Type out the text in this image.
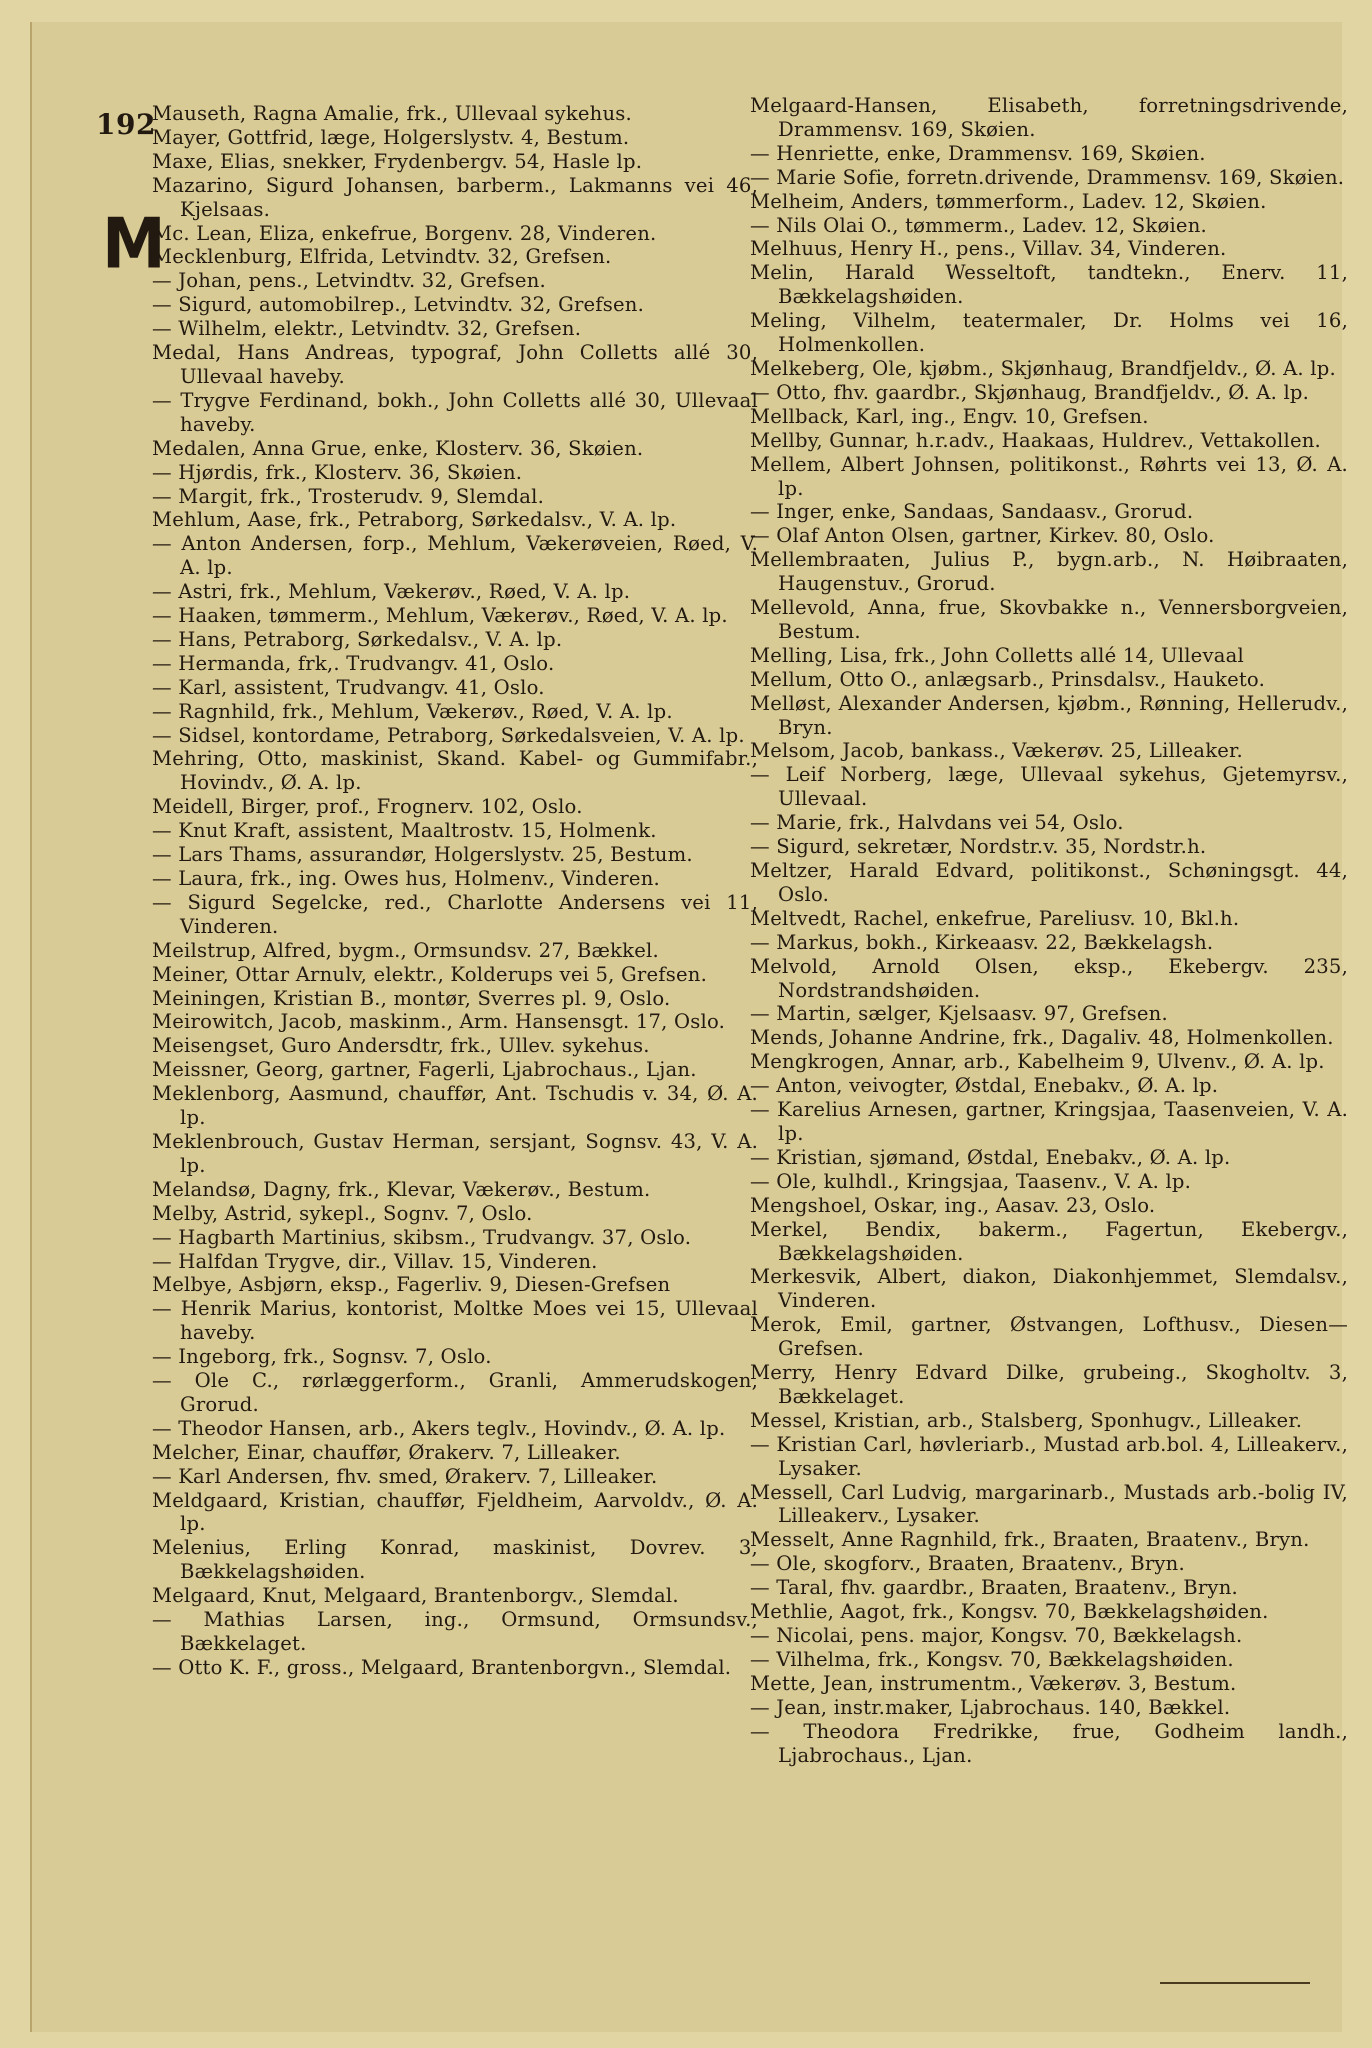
192
M

Mauseth, Ragna Amalie, frk., Ullevaal sykehus.

Mayer, Gottfrid, læge, Holgerslystv. 4, Bestum.

Maxe, Elias, snekker, Frydenbergv. 54, Hasle lp.

Mazarino, Sigurd Johansen, barberm., Lakmanns vei 46, Kjelsaas.

Mc. Lean, Eliza, enkefrue, Borgenv. 28, Vinderen.

Mecklenburg, Elfrida, Letvindtv. 32, Grefsen.

— Johan, pens., Letvindtv. 32, Grefsen.

— Sigurd, automobilrep., Letvindtv. 32, Grefsen.

— Wilhelm, elektr., Letvindtv. 32, Grefsen.

Medal, Hans Andreas, typograf, John Colletts allé 30, Ullevaal haveby.

— Trygve Ferdinand, bokh., John Colletts allé 30, Ullevaal haveby.

Medalen, Anna Grue, enke, Klosterv. 36, Skøien.

— Hjørdis, frk., Klosterv. 36, Skøien.

— Margit, frk., Trosterudv. 9, Slemdal.

Mehlum, Aase, frk., Petraborg, Sørkedalsv., V. A. lp.

— Anton Andersen, forp., Mehlum, Vækerøveien, Røed, V. A. lp.

— Astri, frk., Mehlum, Vækerøv., Røed, V. A. lp.

— Haaken, tømmerm., Mehlum, Vækerøv., Røed, V. A. lp.

— Hans, Petraborg, Sørkedalsv., V. A. lp.

— Hermanda, frk,. Trudvangv. 41, Oslo.

— Karl, assistent, Trudvangv. 41, Oslo.

— Ragnhild, frk., Mehlum, Vækerøv., Røed, V. A. lp.

— Sidsel, kontordame, Petraborg, Sørkedalsveien, V. A. lp.

Mehring, Otto, maskinist, Skand. Kabel- og Gummifabr., Hovindv., Ø. A. lp.

Meidell, Birger, prof., Frognerv. 102, Oslo.

— Knut Kraft, assistent, Maaltrostv. 15, Holmenk.

— Lars Thams, assurandør, Holgerslystv. 25, Bestum.

— Laura, frk., ing. Owes hus, Holmenv., Vinderen.

— Sigurd Segelcke, red., Charlotte Andersens vei 11, Vinderen.

Meilstrup, Alfred, bygm., Ormsundsv. 27, Bækkel.

Meiner, Ottar Arnulv, elektr., Kolderups vei 5, Grefsen.

Meiningen, Kristian B., montør, Sverres pl. 9, Oslo.

Meirowitch, Jacob, maskinm., Arm. Hansensgt. 17, Oslo.

Meisengset, Guro Andersdtr, frk., Ullev. sykehus.

Meissner, Georg, gartner, Fagerli, Ljabrochaus., Ljan.

Meklenborg, Aasmund, chauffør, Ant. Tschudis v. 34, Ø. A. lp.

Meklenbrouch, Gustav Herman, sersjant, Sognsv. 43, V. A. lp.

Melandsø, Dagny, frk., Klevar, Vækerøv., Bestum.

Melby, Astrid, sykepl., Sognv. 7, Oslo.

— Hagbarth Martinius, skibsm., Trudvangv. 37, Oslo.

— Halfdan Trygve, dir., Villav. 15, Vinderen.

Melbye, Asbjørn, eksp., Fagerliv. 9, Diesen-Grefsen

— Henrik Marius, kontorist, Moltke Moes vei 15, Ullevaal haveby.

— Ingeborg, frk., Sognsv. 7, Oslo.

— Ole C., rørlæggerform., Granli, Ammerudskogen, Grorud.

— Theodor Hansen, arb., Akers teglv., Hovindv., Ø. A. lp.

Melcher, Einar, chauffør, Ørakerv. 7, Lilleaker.

— Karl Andersen, fhv. smed, Ørakerv. 7, Lilleaker.

Meldgaard, Kristian, chauffør, Fjeldheim, Aarvoldv., Ø. A. lp.

Melenius, Erling Konrad, maskinist, Dovrev. 3, Bækkelagshøiden.

Melgaard, Knut, Melgaard, Brantenborgv., Slemdal.

— Mathias Larsen, ing., Ormsund, Ormsundsv., Bækkelaget.

— Otto K. F., gross., Melgaard, Brantenborgvn., Slemdal.

Melgaard-Hansen, Elisabeth, forretningsdrivende, Drammensv. 169, Skøien.

— Henriette, enke, Drammensv. 169, Skøien.

— Marie Sofie, forretn.drivende, Drammensv. 169, Skøien.

Melheim, Anders, tømmerform., Ladev. 12, Skøien.

— Nils Olai O., tømmerm., Ladev. 12, Skøien.

Melhuus, Henry H., pens., Villav. 34, Vinderen.

Melin, Harald Wesseltoft, tandtekn., Enerv. 11, Bækkelagshøiden.

Meling, Vilhelm, teatermaler, Dr. Holms vei 16, Holmenkollen.

Melkeberg, Ole, kjøbm., Skjønhaug, Brandfjeldv., Ø. A. lp.

— Otto, fhv. gaardbr., Skjønhaug, Brandfjeldv., Ø. A. lp.

Mellback, Karl, ing., Engv. 10, Grefsen.

Mellby, Gunnar, h.r.adv., Haakaas, Huldrev., Vettakollen.

Mellem, Albert Johnsen, politikonst., Røhrts vei 13, Ø. A. lp.

— Inger, enke, Sandaas, Sandaasv., Grorud.

— Olaf Anton Olsen, gartner, Kirkev. 80, Oslo.

Mellembraaten, Julius P., bygn.arb., N. Høibraaten, Haugenstuv., Grorud.

Mellevold, Anna, frue, Skovbakke n., Vennersborgveien, Bestum.

Melling, Lisa, frk., John Colletts allé 14, Ullevaal

Mellum, Otto O., anlægsarb., Prinsdalsv., Hauketo.

Melløst, Alexander Andersen, kjøbm., Rønning, Hellerudv., Bryn.

Melsom, Jacob, bankass., Vækerøv. 25, Lilleaker.

— Leif Norberg, læge, Ullevaal sykehus, Gjetemyrsv., Ullevaal.

— Marie, frk., Halvdans vei 54, Oslo.

— Sigurd, sekretær, Nordstr.v. 35, Nordstr.h.

Meltzer, Harald Edvard, politikonst., Schøningsgt. 44, Oslo.

Meltvedt, Rachel, enkefrue, Pareliusv. 10, Bkl.h.

— Markus, bokh., Kirkeaasv. 22, Bækkelagsh.

Melvold, Arnold Olsen, eksp., Ekebergv. 235, Nordstrandshøiden.

— Martin, sælger, Kjelsaasv. 97, Grefsen.

Mends, Johanne Andrine, frk., Dagaliv. 48, Holmenkollen.

Mengkrogen, Annar, arb., Kabelheim 9, Ulvenv., Ø. A. lp.

— Anton, veivogter, Østdal, Enebakv., Ø. A. lp.

— Karelius Arnesen, gartner, Kringsjaa, Taasenveien, V. A. lp.

— Kristian, sjømand, Østdal, Enebakv., Ø. A. lp.

— Ole, kulhdl., Kringsjaa, Taasenv., V. A. lp.

Mengshoel, Oskar, ing., Aasav. 23, Oslo.

Merkel, Bendix, bakerm., Fagertun, Ekebergv., Bækkelagshøiden.

Merkesvik, Albert, diakon, Diakonhjemmet, Slemdalsv., Vinderen.

Merok, Emil, gartner, Østvangen, Lofthusv., Diesen—Grefsen.

Merry, Henry Edvard Dilke, grubeing., Skogholtv. 3, Bækkelaget.

Messel, Kristian, arb., Stalsberg, Sponhugv., Lilleaker.

— Kristian Carl, høvleriarb., Mustad arb.bol. 4, Lilleakerv., Lysaker.

Messell, Carl Ludvig, margarinarb., Mustads arb.-bolig IV, Lilleakerv., Lysaker.

Messelt, Anne Ragnhild, frk., Braaten, Braatenv., Bryn.

— Ole, skogforv., Braaten, Braatenv., Bryn.

— Taral, fhv. gaardbr., Braaten, Braatenv., Bryn.

Methlie, Aagot, frk., Kongsv. 70, Bækkelagshøiden.

— Nicolai, pens. major, Kongsv. 70, Bækkelagsh.

— Vilhelma, frk., Kongsv. 70, Bækkelagshøiden.

Mette, Jean, instrumentm., Vækerøv. 3, Bestum.

— Jean, instr.maker, Ljabrochaus. 140, Bækkel.

— Theodora Fredrikke, frue, Godheim landh., Ljabrochaus., Ljan.
